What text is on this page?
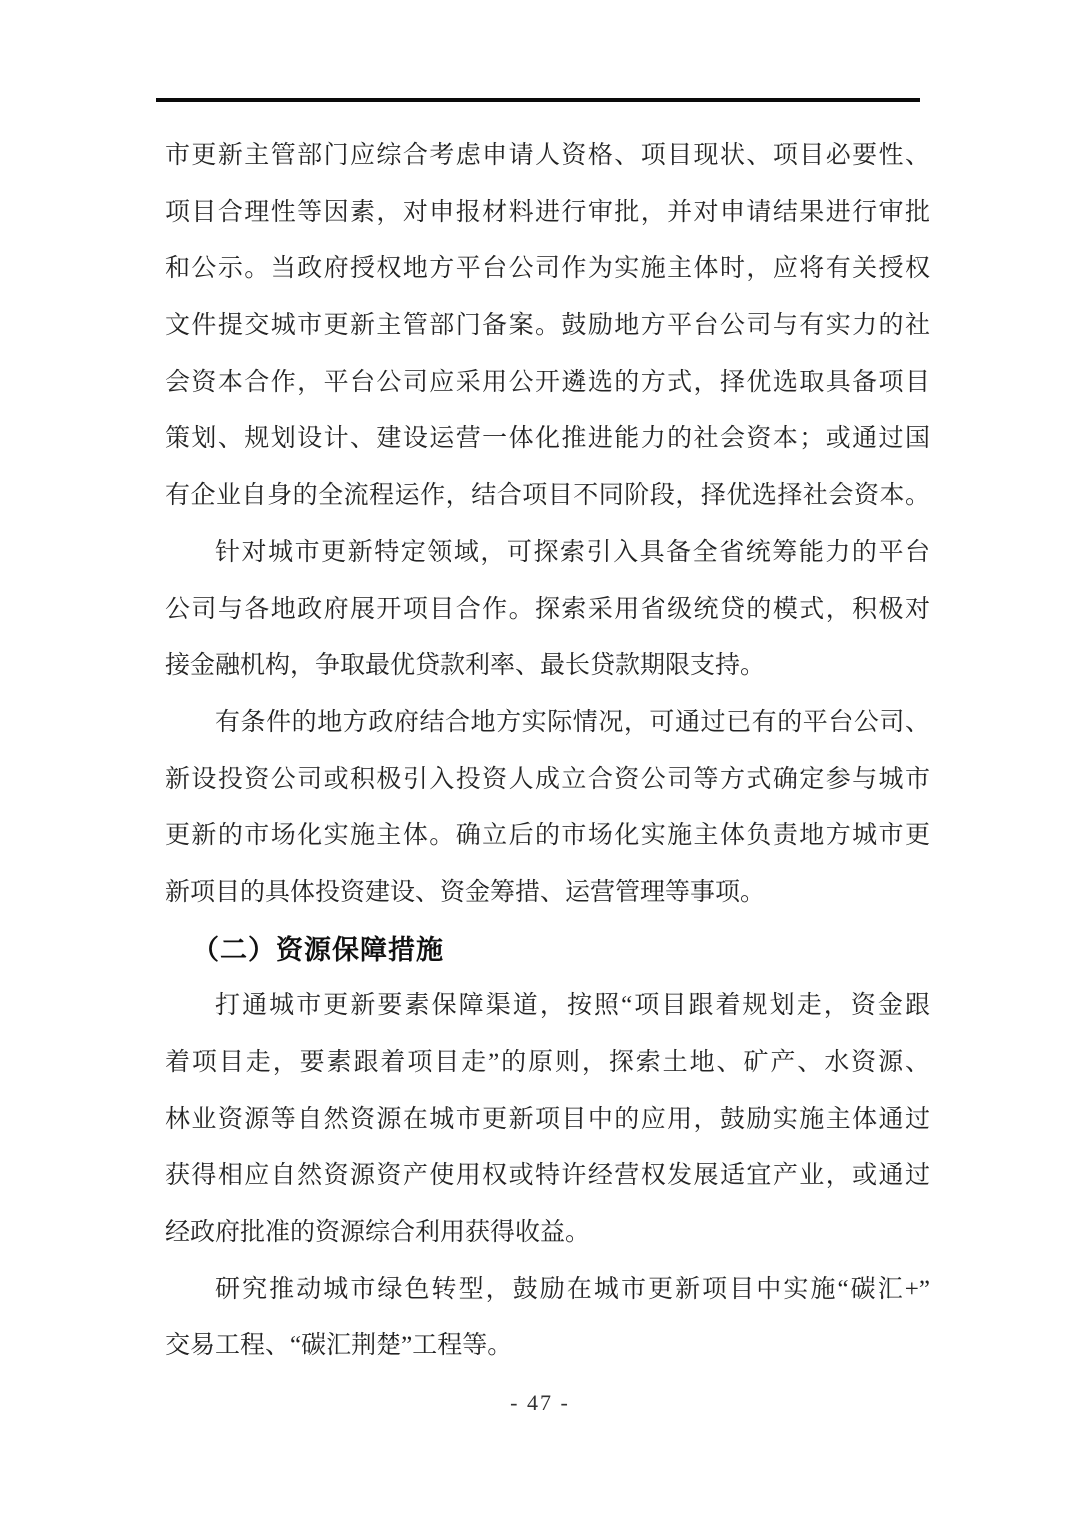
市更新主管部门应综合考虑申请人资格、项目现状、项目必要性、
项目合理性等因素，对申报材料进行审批，并对申请结果进行审批
和公示。当政府授权地方平台公司作为实施主体时，应将有关授权
文件提交城市更新主管部门备案。鼓励地方平台公司与有实力的社
会资本合作，平台公司应采用公开遴选的方式，择优选取具备项目
策划、规划设计、建设运营一体化推进能力的社会资本；或通过国
有企业自身的全流程运作，结合项目不同阶段，择优选择社会资本。
针对城市更新特定领域，可探索引入具备全省统筹能力的平台
公司与各地政府展开项目合作。探索采用省级统贷的模式，积极对
接金融机构，争取最优贷款利率、最长贷款期限支持。
有条件的地方政府结合地方实际情况，可通过已有的平台公司、
新设投资公司或积极引入投资人成立合资公司等方式确定参与城市
更新的市场化实施主体。确立后的市场化实施主体负责地方城市更
新项目的具体投资建设、资金筹措、运营管理等事项。
（二）资源保障措施
打通城市更新要素保障渠道，按照“项目跟着规划走，资金跟
着项目走，要素跟着项目走”的原则，探索土地、矿产、水资源、
林业资源等自然资源在城市更新项目中的应用，鼓励实施主体通过
获得相应自然资源资产使用权或特许经营权发展适宜产业，或通过
经政府批准的资源综合利用获得收益。
研究推动城市绿色转型，鼓励在城市更新项目中实施“碳汇+”
交易工程、“碳汇荆楚”工程等。
- 47 -
